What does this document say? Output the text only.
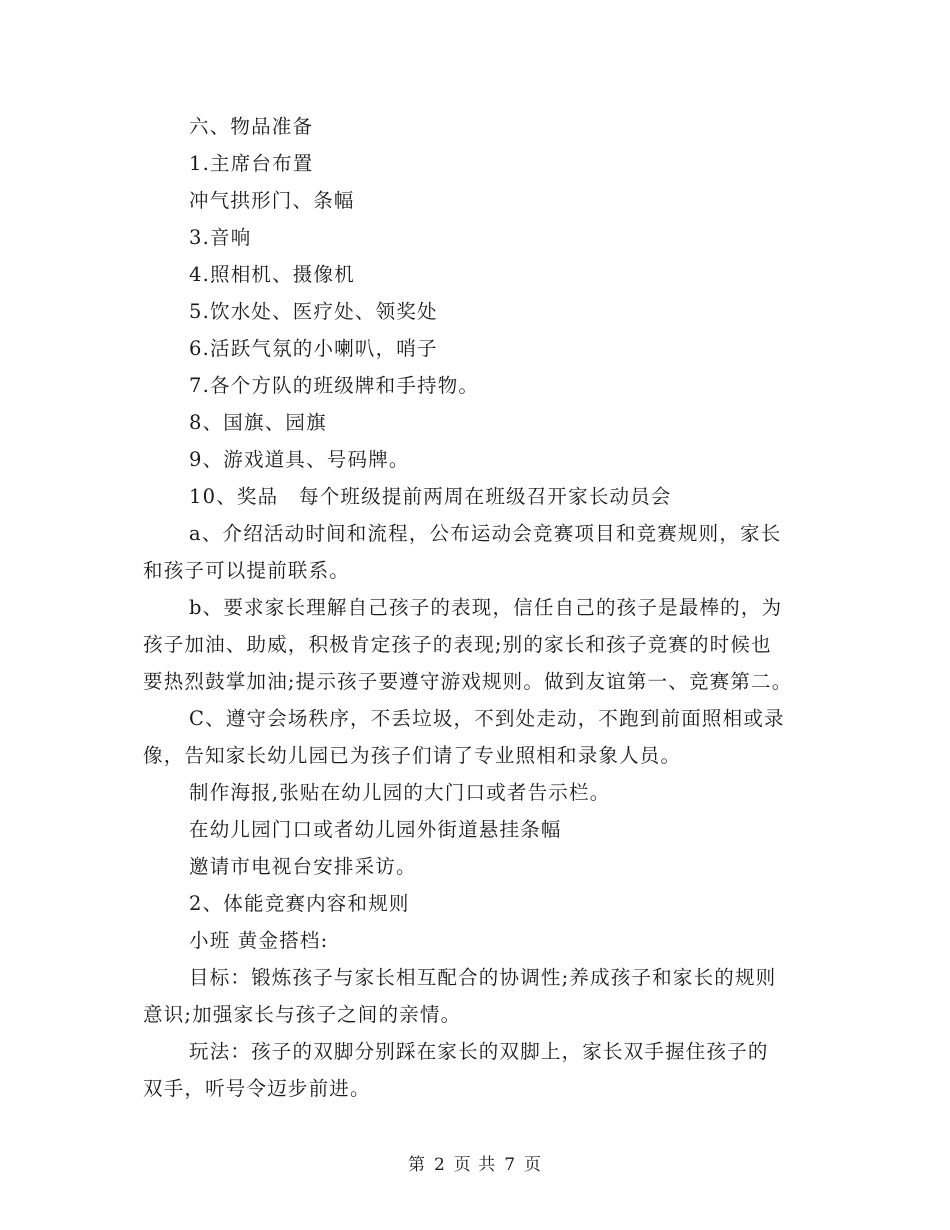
六、物品准备
1.主席台布置
冲气拱形门、条幅
3.音响
4.照相机、摄像机
5.饮水处、医疗处、领奖处
6.活跃气氛的小喇叭，哨子
7.各个方队的班级牌和手持物。
8、国旗、园旗
9、游戏道具、号码牌。
10、奖品　每个班级提前两周在班级召开家长动员会
a、介绍活动时间和流程，公布运动会竞赛项目和竞赛规则，家长
和孩子可以提前联系。
b、要求家长理解自己孩子的表现，信任自己的孩子是最棒的，为
孩子加油、助威，积极肯定孩子的表现;别的家长和孩子竞赛的时候也
要热烈鼓掌加油;提示孩子要遵守游戏规则。做到友谊第一、竞赛第二。
C、遵守会场秩序，不丢垃圾，不到处走动，不跑到前面照相或录
像，告知家长幼儿园已为孩子们请了专业照相和录象人员。
制作海报,张贴在幼儿园的大门口或者告示栏。
在幼儿园门口或者幼儿园外街道悬挂条幅
邀请市电视台安排采访。
2、体能竞赛内容和规则
小班 黄金搭档:
目标：锻炼孩子与家长相互配合的协调性;养成孩子和家长的规则
意识;加强家长与孩子之间的亲情。
玩法：孩子的双脚分别踩在家长的双脚上，家长双手握住孩子的
双手，听号令迈步前进。
第 2 页 共 7 页
